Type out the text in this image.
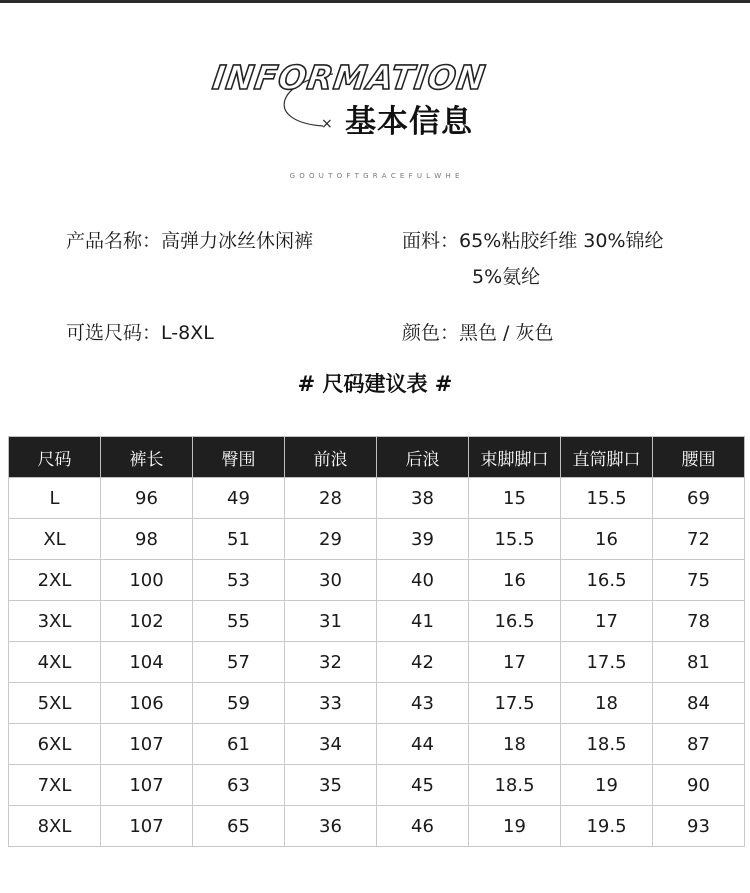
INFORMATION
× 基本信息
G O O U T O F T G R A C E F U L W H E
产品名称：高弹力冰丝休闲裤	面料：65%粘胶纤维 30%锦纶
5%氨纶
可选尺码：L-8XL	颜色：黑色 / 灰色
# 尺码建议表 #
尺码	裤长	臀围	前浪	后浪	束脚脚口	直筒脚口	腰围
L	96	49	28	38	15	15.5	69
XL	98	51	29	39	15.5	16	72
2XL	100	53	30	40	16	16.5	75
3XL	102	55	31	41	16.5	17	78
4XL	104	57	32	42	17	17.5	81
5XL	106	59	33	43	17.5	18	84
6XL	107	61	34	44	18	18.5	87
7XL	107	63	35	45	18.5	19	90
8XL	107	65	36	46	19	19.5	93
